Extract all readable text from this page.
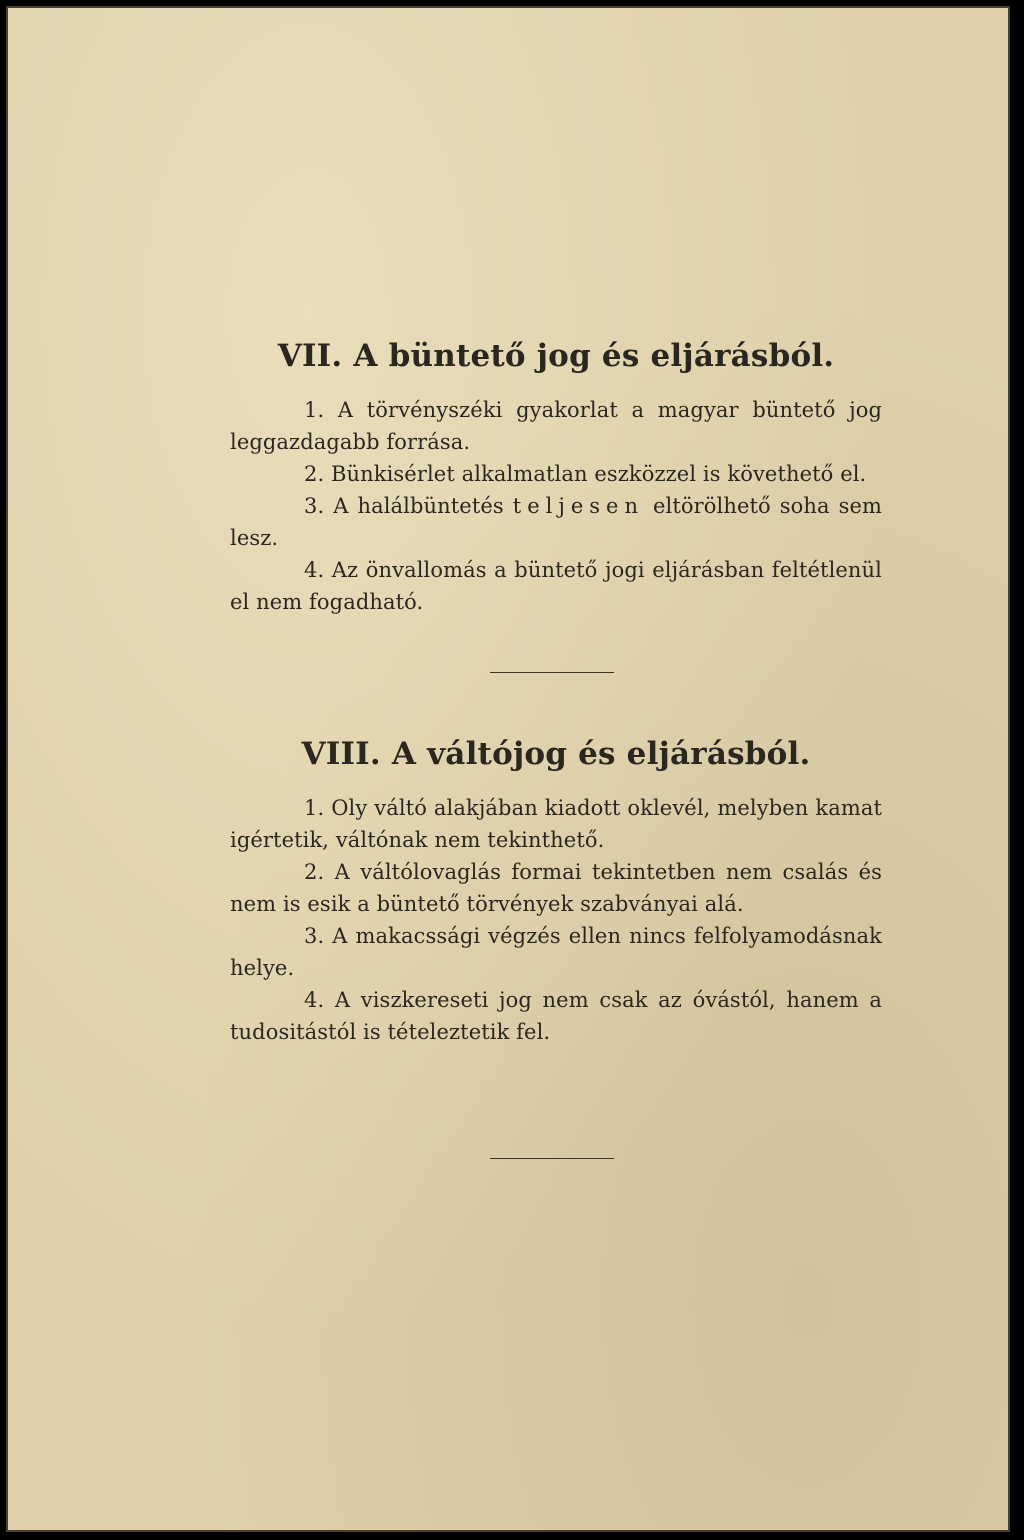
VII. A büntető jog és eljárásból.

1. A törvényszéki gyakorlat a magyar büntető jog leggazdagabb forrása.

2. Bünkisérlet alkalmatlan eszközzel is követhető el.

3. A halálbüntetés teljesen eltörölhető soha sem lesz.

4. Az önvallomás a büntető jogi eljárásban feltétlenül el nem fogadható.

VIII. A váltójog és eljárásból.

1. Oly váltó alakjában kiadott oklevél, melyben kamat igértetik, váltónak nem tekinthető.

2. A váltólovaglás formai tekintetben nem csalás és nem is esik a büntető törvények szabványai alá.

3. A makacssági végzés ellen nincs felfolyamodásnak helye.

4. A viszkereseti jog nem csak az óvástól, hanem a tudositástól is tételeztetik fel.
